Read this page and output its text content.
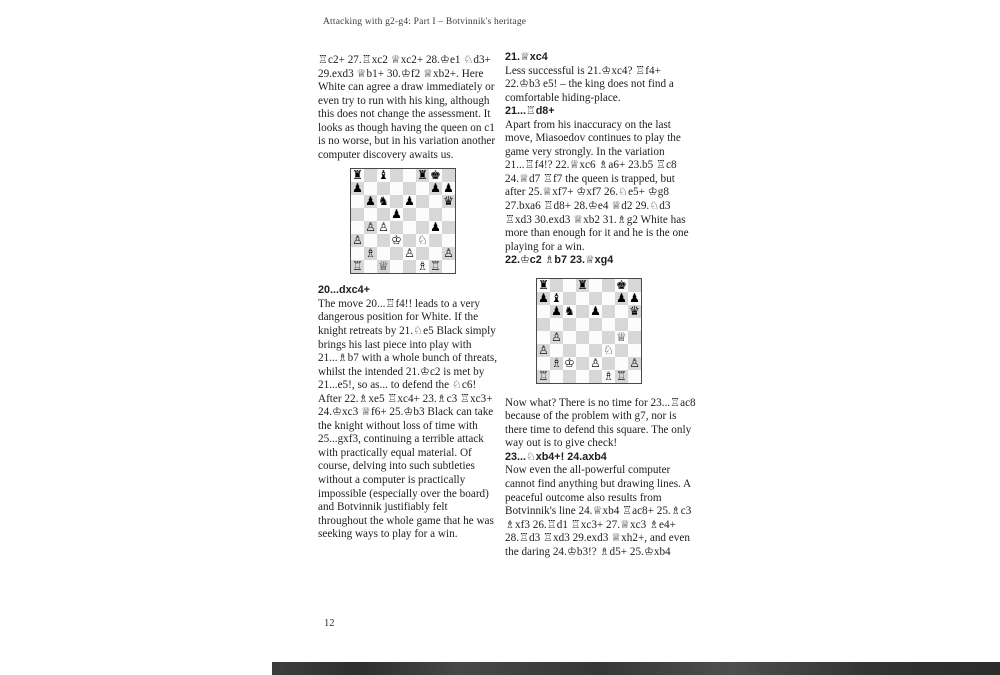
Attacking with g2-g4: Part I – Botvinnik's heritage

♖c2+ 27.♖xc2 ♕xc2+ 28.♔e1 ♘d3+ 29.exd3 ♕b1+ 30.♔f2 ♕xb2+. Here White can agree a draw immediately or even try to run with his king, although this does not change the assessment. It looks as though having the queen on c1 is no worse, but in his variation another computer discovery awaits us.

♜ ♝ ♜ ♚
♟	♟ ♟
♟ ♞ ♟ ♛
♟
♙ ♙	♟
♙ ♔ ♘
♗ ♙ ♙
♖ ♕ ♗ ♖

20...dxc4+

The move 20...♖f4!! leads to a very dangerous position for White. If the knight retreats by 21.♘e5 Black simply brings his last piece into play with 21...♗b7 with a whole bunch of threats, whilst the intended 21.♔c2 is met by 21...e5!, so as... to defend the ♘c6! After 22.♗xe5 ♖xc4+ 23.♗c3 ♖xc3+ 24.♔xc3 ♕f6+ 25.♔b3 Black can take the knight without loss of time with 25...gxf3, continuing a terrible attack with practically equal material. Of course, delving into such subtleties without a computer is practically impossible (especially over the board) and Botvinnik justifiably felt throughout the whole game that he was seeking ways to play for a win.

21.♕xc4

Less successful is 21.♔xc4? ♖f4+ 22.♔b3 e5! – the king does not find a comfortable hiding-place.

21...♖d8+

Apart from his inaccuracy on the last move, Miasoedov continues to play the game very strongly. In the variation 21...♖f4!? 22.♕xc6 ♗a6+ 23.b5 ♖c8 24.♕d7 ♖f7 the queen is trapped, but after 25.♕xf7+ ♔xf7 26.♘e5+ ♔g8 27.bxa6 ♖d8+ 28.♔e4 ♕d2 29.♘d3 ♖xd3 30.exd3 ♕xb2 31.♗g2 White has more than enough for it and he is the one playing for a win.

22.♔c2 ♗b7 23.♕xg4

♜ ♜ ♚
♟ ♝	♟ ♟
♟ ♞ ♟ ♛
♙	♕
♙	♘
♗ ♔ ♙ ♙
♖	♗ ♖

Now what? There is no time for 23...♖ac8 because of the problem with g7, nor is there time to defend this square. The only way out is to give check!

23...♘xb4+! 24.axb4

Now even the all-powerful computer cannot find anything but drawing lines. A peaceful outcome also results from Botvinnik's line 24.♕xb4 ♖ac8+ 25.♗c3 ♗xf3 26.♖d1 ♖xc3+ 27.♕xc3 ♗e4+ 28.♖d3 ♖xd3 29.exd3 ♕xh2+, and even the daring 24.♔b3!? ♗d5+ 25.♔xb4

12
